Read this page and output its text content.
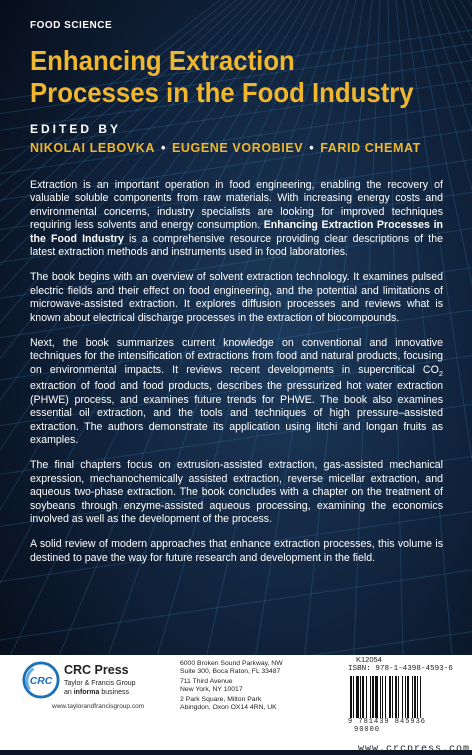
FOOD SCIENCE
Enhancing Extraction Processes in the Food Industry
EDITED BY
NIKOLAI LEBOVKA • EUGENE VOROBIEV • FARID CHEMAT

Extraction is an important operation in food engineering, enabling the recovery of valuable soluble components from raw materials. With increasing energy costs and environmental concerns, industry specialists are looking for improved techniques requiring less solvents and energy consumption. Enhancing Extraction Processes in the Food Industry is a comprehensive resource providing clear descriptions of the latest extraction methods and instruments used in food laboratories.

The book begins with an overview of solvent extraction technology. It examines pulsed electric fields and their effect on food engineering, and the potential and limitations of microwave-assisted extraction. It explores diffusion processes and reviews what is known about electrical discharge processes in the extraction of biocompounds.

Next, the book summarizes current knowledge on conventional and innovative techniques for the intensification of extractions from food and natural products, focusing on environmental impacts. It reviews recent developments in supercritical $CO_2$ extraction of food and food products, describes the pressurized hot water extraction (PHWE) process, and examines future trends for PHWE. The book also examines essential oil extraction, and the tools and techniques of high pressure–assisted extraction. The authors demonstrate its application using litchi and longan fruits as examples.

The final chapters focus on extrusion-assisted extraction, gas-assisted mechanical expression, mechanochemically assisted extraction, reverse micellar extraction, and aqueous two-phase extraction. The book concludes with a chapter on the treatment of soybeans through enzyme-assisted aqueous processing, examining the economics involved as well as the development of the process.

A solid review of modern approaches that enhance extraction processes, this volume is destined to pave the way for future research and development in the field.

CRC
CRC Press
Taylor & Francis Group
an informa business
www.taylorandfrancisgroup.com
6000 Broken Sound Parkway, NW
Suite 300, Boca Raton, FL 33487
711 Third Avenue
New York, NY 10017
2 Park Square, Milton Park
Abingdon, Oxon OX14 4RN, UK
K12054
ISBN: 978-1-4398-4593-6
9 781439 845936 90000
www.crcpress.com
